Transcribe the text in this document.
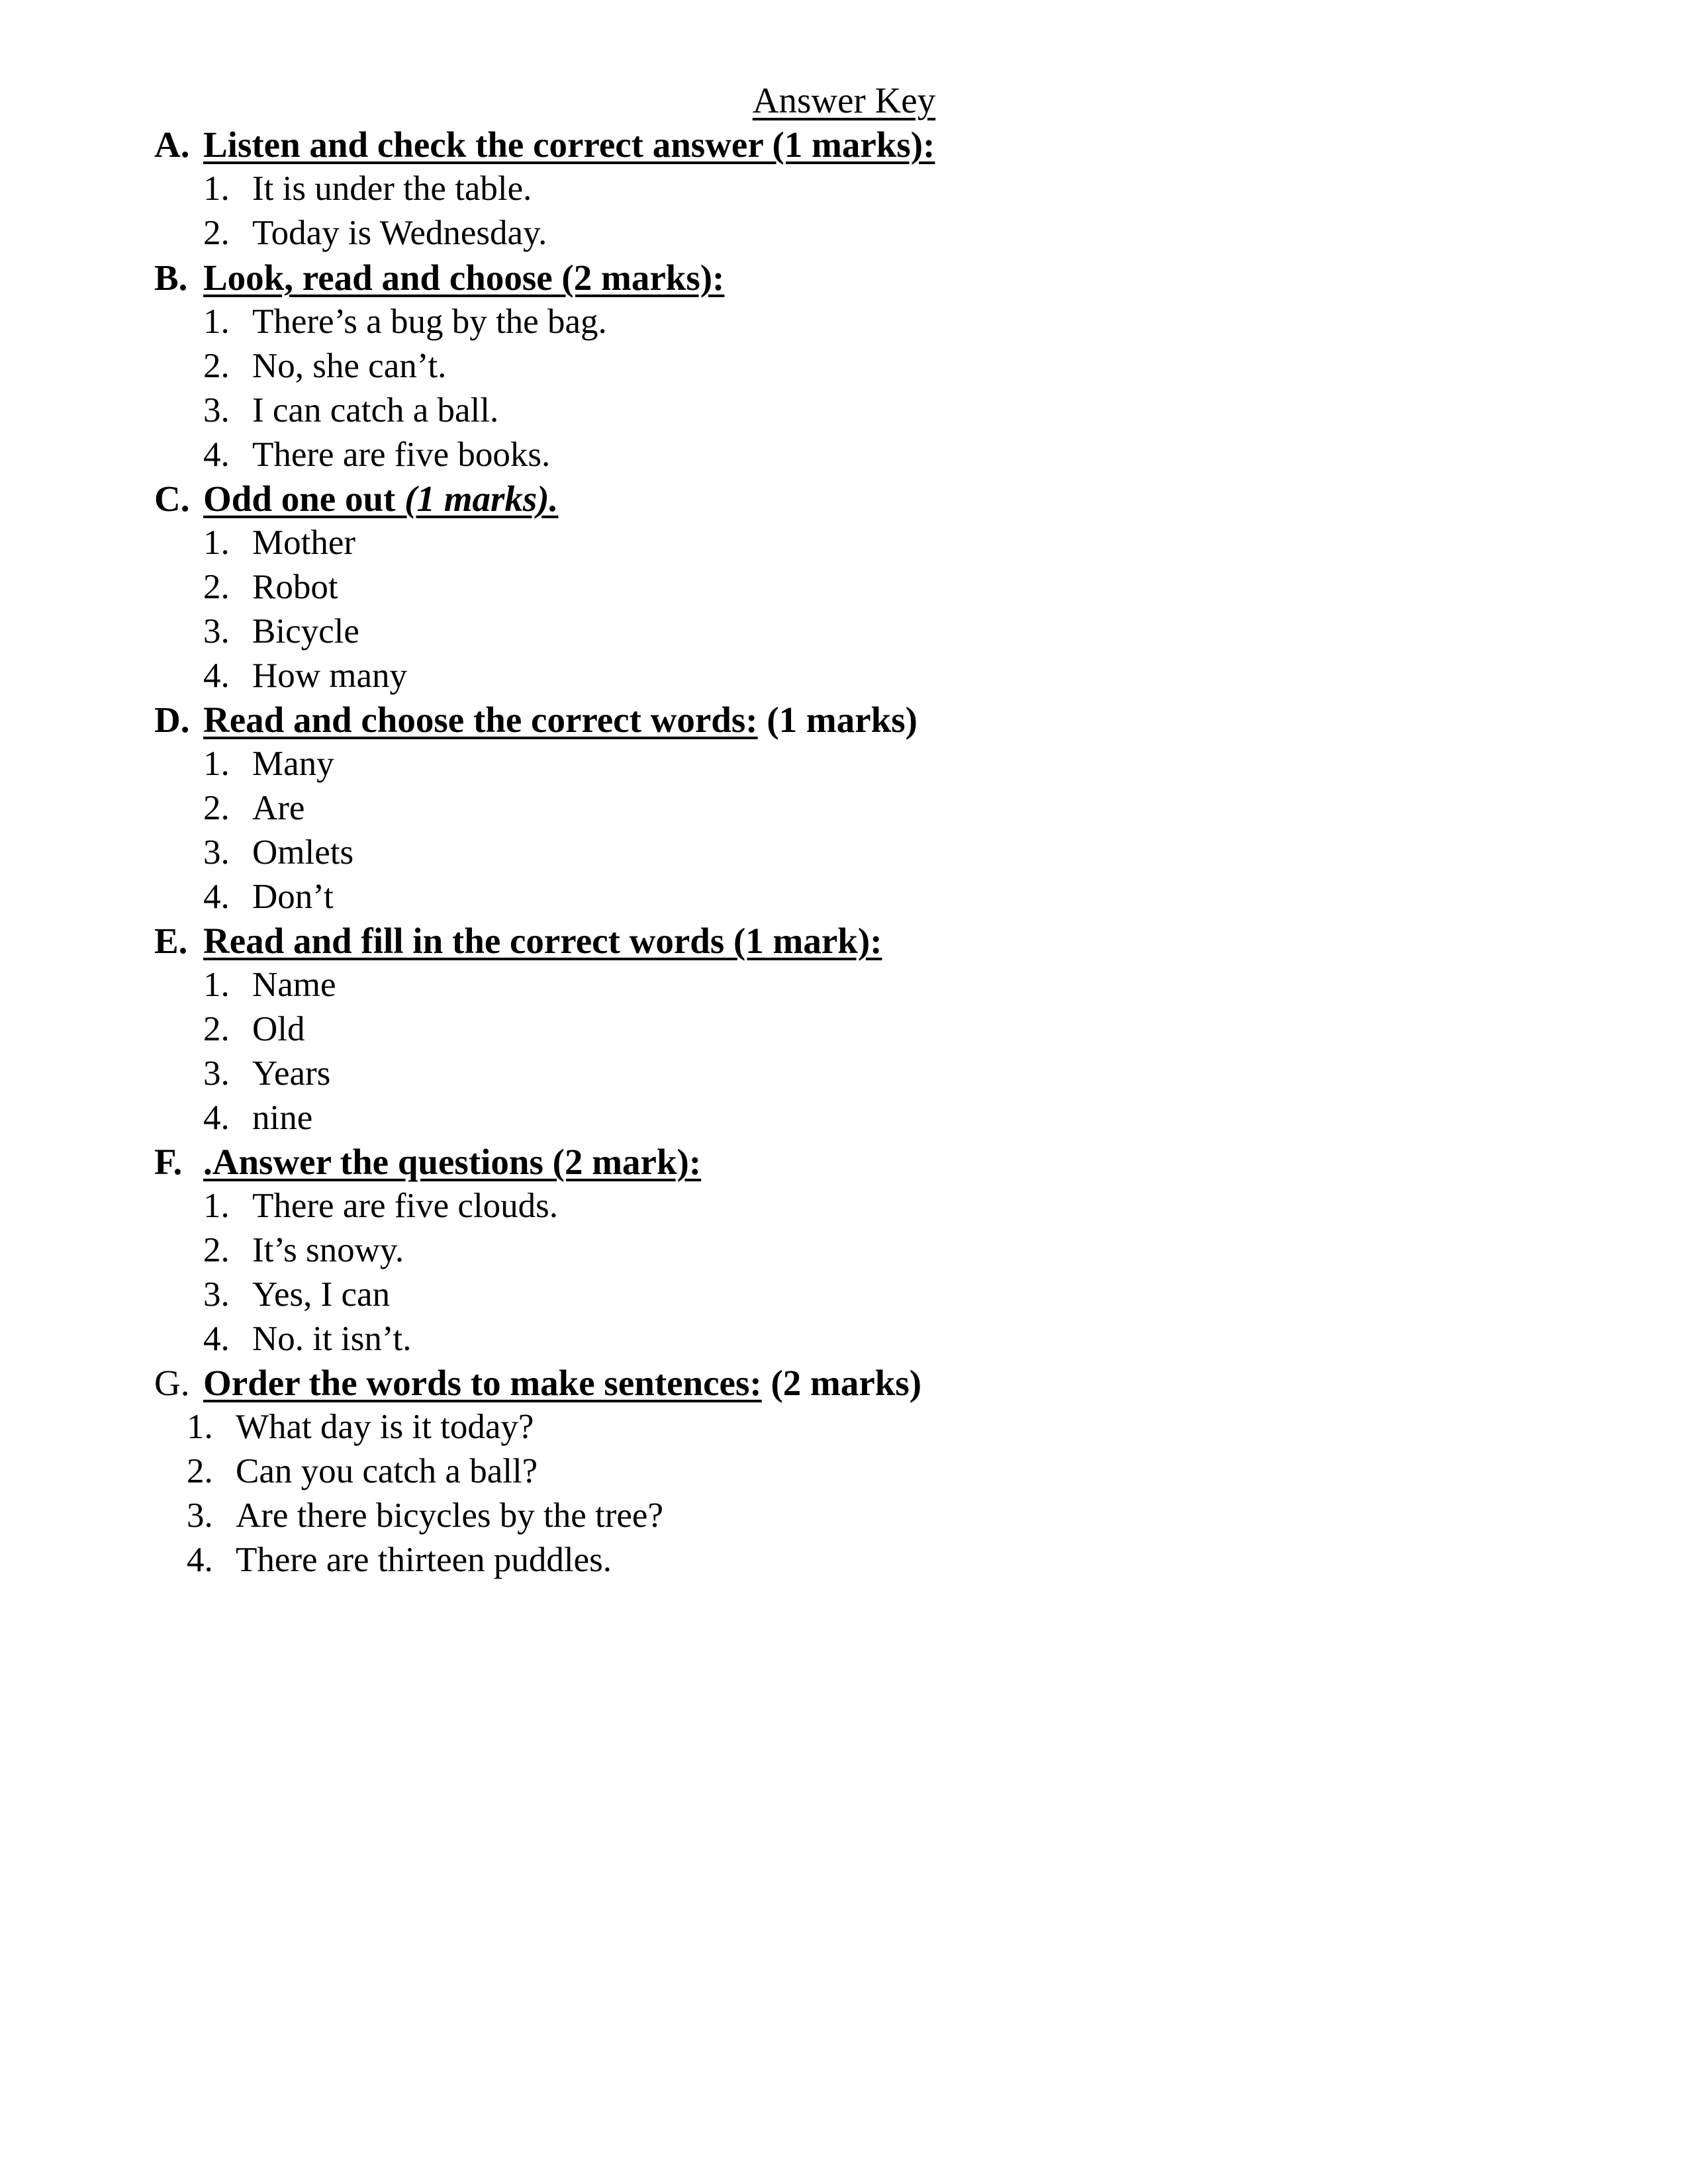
Answer Key
A. Listen and check the correct answer (1 marks):
1. It is under the table.
2. Today is Wednesday.
B. Look, read and choose (2 marks):
1. There’s a bug by the bag.
2. No, she can’t.
3. I can catch a ball.
4. There are five books.
C. Odd one out (1 marks).
1. Mother
2. Robot
3. Bicycle
4. How many
D. Read and choose the correct words: (1 marks)
1. Many
2. Are
3. Omlets
4. Don’t
E. Read and fill in the correct words (1 mark):
1. Name
2. Old
3. Years
4. nine
F. .Answer the questions (2 mark):
1. There are five clouds.
2. It’s snowy.
3. Yes, I can
4. No. it isn’t.
G. Order the words to make sentences: (2 marks)
1. What day is it today?
2. Can you catch a ball?
3. Are there bicycles by the tree?
4. There are thirteen puddles.
